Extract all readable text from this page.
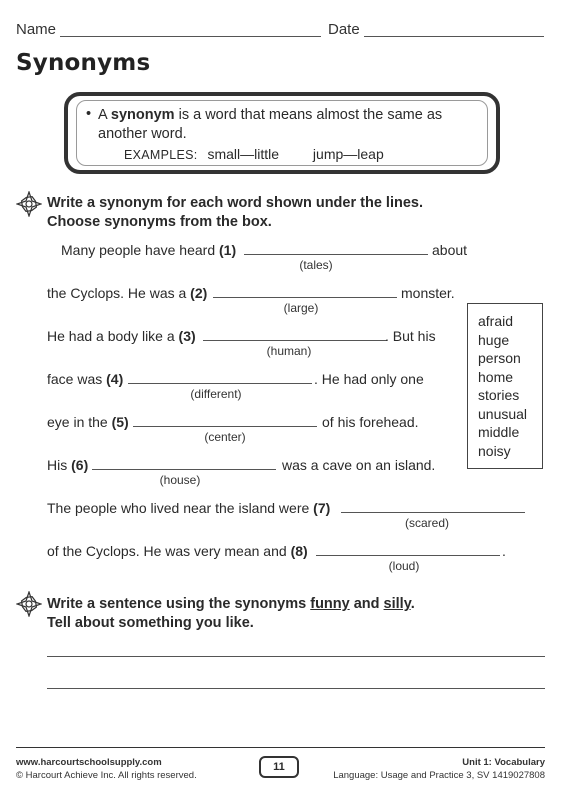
Name	Date
Synonyms
• A synonym is a word that means almost the same as another word.
EXAMPLES: small—little jump—leap
Write a synonym for each word shown under the lines.
Choose synonyms from the box.
Many people have heard (1)	about
(tales)
the Cyclops. He was a (2)	monster.
(large)
He had a body like a (3)	. But his
(human)
face was (4)	. He had only one
(different)
eye in the (5)	of his forehead.
(center)
His (6)	was a cave on an island.
(house)
The people who lived near the island were (7)
(scared)
of the Cyclops. He was very mean and (8)	.
(loud)
afraid
huge
person
home
stories
unusual
middle
noisy
Write a sentence using the synonyms funny and silly.
Tell about something you like.
www.harcourtschoolsupply.com
© Harcourt Achieve Inc. All rights reserved.
11	Unit 1: Vocabulary
Language: Usage and Practice 3, SV 1419027808
